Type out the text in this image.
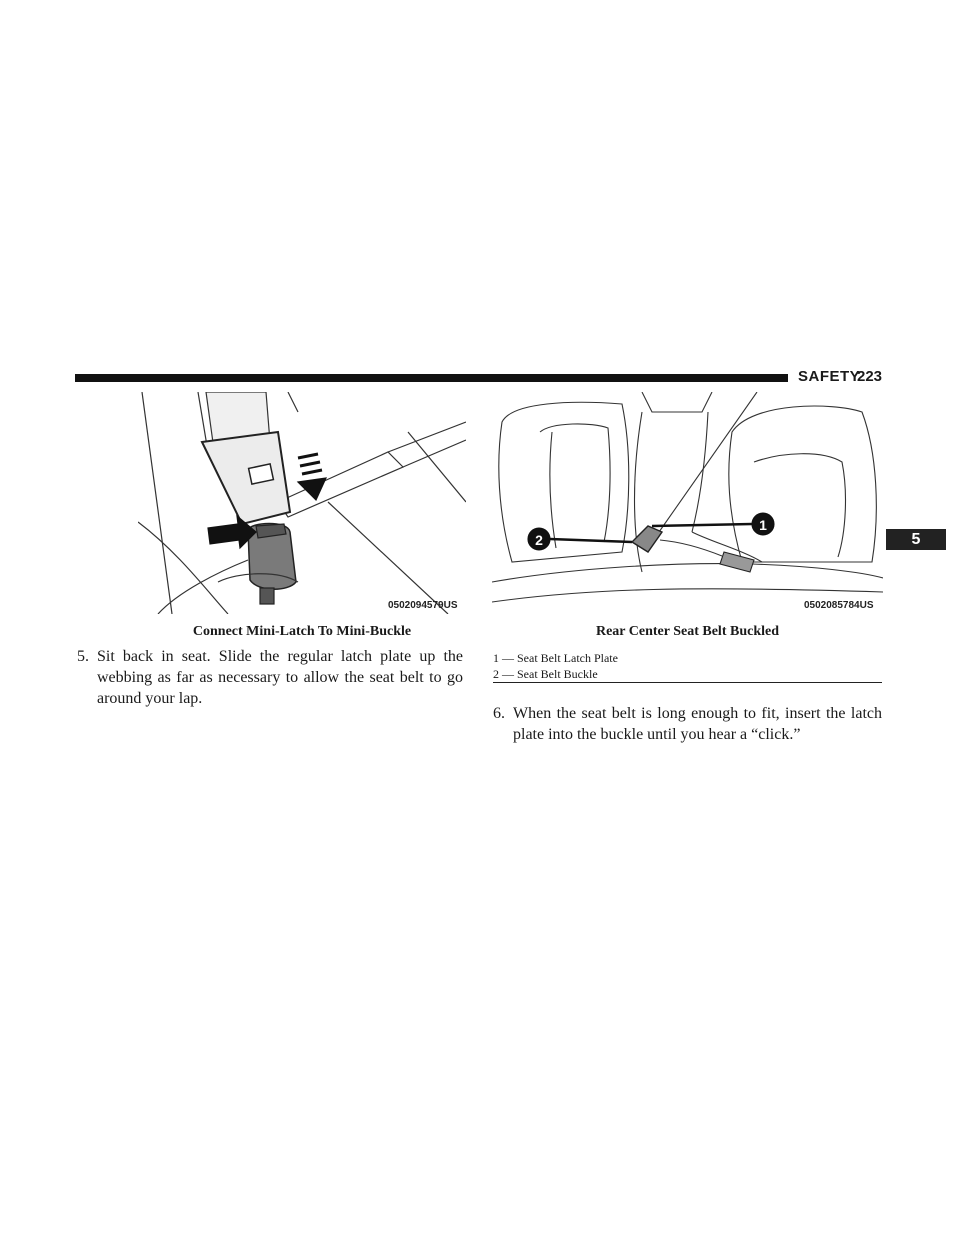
SAFETY
223
5
0502094579US
2
1
0502085784US
Connect Mini-Latch To Mini-Buckle	Rear Center Seat Belt Buckled
1 — Seat Belt Latch Plate
2 — Seat Belt Buckle
5. Sit back in seat. Slide the regular latch plate up the webbing as far as necessary to allow the seat belt to go around your lap.
6. When the seat belt is long enough to fit, insert the latch plate into the buckle until you hear a “click.”
